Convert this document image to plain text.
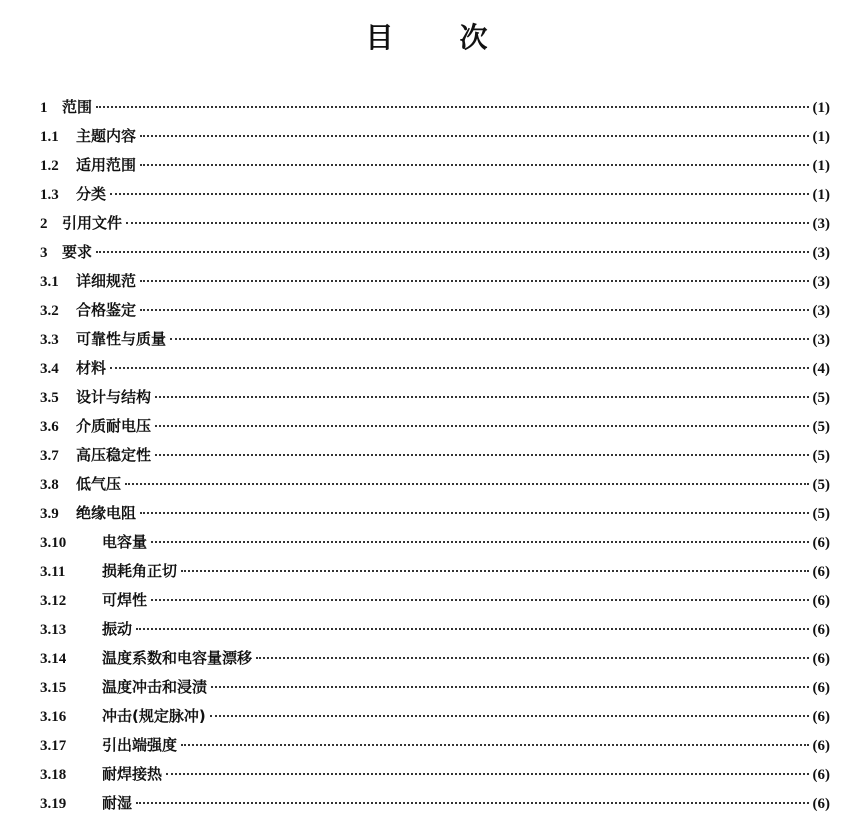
目 次
1 范围	(1)
1.1	主题内容	(1)
1.2	适用范围	(1)
1.3	分类	(1)
2 引用文件	(3)
3 要求	(3)
3.1	详细规范	(3)
3.2	合格鉴定	(3)
3.3	可靠性与质量	(3)
3.4	材料	(4)
3.5	设计与结构	(5)
3.6	介质耐电压	(5)
3.7	高压稳定性	(5)
3.8	低气压	(5)
3.9	绝缘电阻	(5)
3.10	电容量	(6)
3.11	损耗角正切	(6)
3.12	可焊性	(6)
3.13	振动	(6)
3.14	温度系数和电容量漂移	(6)
3.15	温度冲击和浸渍	(6)
3.16	冲击(规定脉冲)	(6)
3.17	引出端强度	(6)
3.18	耐焊接热	(6)
3.19	耐湿	(6)
